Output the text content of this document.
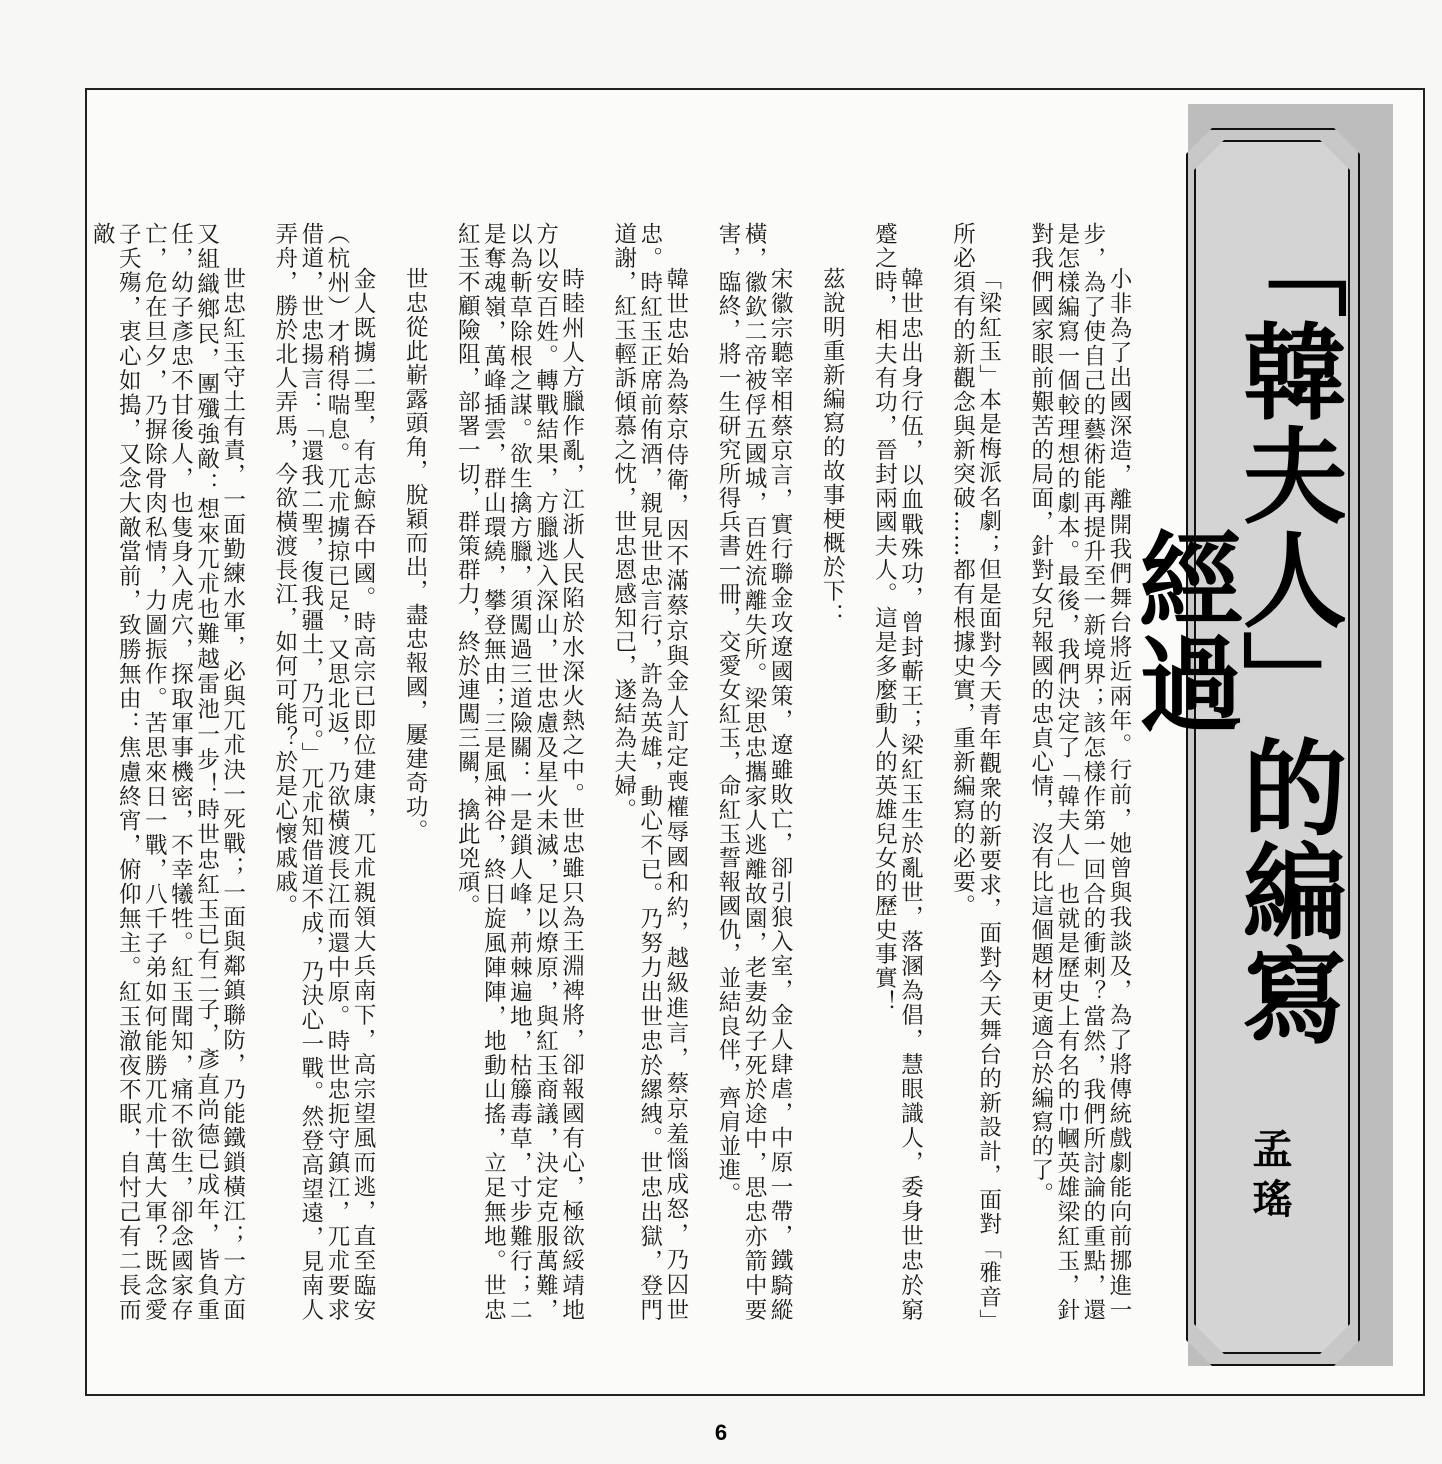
「韓夫人」的編寫經過
孟瑤

小非為了出國深造，離開我們舞台將近兩年。行前，她曾與我談及，為了將傳統戲劇能向前挪進一步，為了使自己的藝術能再提升至一新境界；該怎樣作第一回合的衝刺？當然，我們所討論的重點，還是怎樣編寫一個較理想的劇本。最後，我們決定了「韓夫人」也就是歷史上有名的巾幗英雄梁紅玉，針對我們國家眼前艱苦的局面，針對女兒報國的忠貞心情，沒有比這個題材更適合於編寫的了。

「梁紅玉」本是梅派名劇；但是面對今天青年觀衆的新要求，面對今天舞台的新設計，面對「雅音」所必須有的新觀念與新突破……都有根據史實，重新編寫的必要。

韓世忠出身行伍，以血戰殊功，曾封蘄王；梁紅玉生於亂世，落溷為倡，慧眼識人，委身世忠於窮蹙之時，相夫有功，晉封兩國夫人。這是多麼動人的英雄兒女的歷史事實！

茲說明重新編寫的故事梗概於下：

宋徽宗聽宰相蔡京言，實行聯金攻遼國策，遼雖敗亡，卻引狼入室，金人肆虐，中原一帶，鐵騎縱橫，徽欽二帝被俘五國城，百姓流離失所。梁思忠攜家人逃離故園，老妻幼子死於途中，思忠亦箭中要害，臨終，將一生研究所得兵書一冊，交愛女紅玉，命紅玉誓報國仇，並結良伴，齊肩並進。

韓世忠始為蔡京侍衛，因不滿蔡京與金人訂定喪權辱國和約，越級進言，蔡京羞惱成怒，乃囚世忠。時紅玉正席前侑酒，親見世忠言行，許為英雄，動心不已。乃努力出世忠於縲絏。世忠出獄，登門道謝，紅玉輕訴傾慕之忱，世忠恩感知己，遂結為夫婦。

時睦州人方臘作亂，江浙人民陷於水深火熱之中。世忠雖只為王淵裨將，卻報國有心，極欲綏靖地方以安百姓。轉戰結果，方臘逃入深山，世忠慮及星火未滅，足以燎原，與紅玉商議，決定克服萬難，以為斬草除根之謀。欲生擒方臘，須闖過三道險關：一是鎖人峰，荊棘遍地，枯籐毒草，寸步難行；二是奪魂嶺，萬峰插雲，群山環繞，攀登無由；三是風神谷，終日旋風陣陣，地動山搖，立足無地。世忠紅玉不顧險阻，部署一切，群策群力，終於連闖三關，擒此兇頑。

世忠從此嶄露頭角，脫穎而出，盡忠報國，屢建奇功。

金人既擄二聖，有志鯨吞中國。時高宗已即位建康，兀朮親領大兵南下，高宗望風而逃，直至臨安（杭州）才稍得喘息。兀朮擄掠已足，又思北返，乃欲橫渡長江而還中原。時世忠扼守鎮江，兀朮要求借道，世忠揚言：「還我二聖，復我疆土，乃可。」兀朮知借道不成，乃決心一戰。然登高望遠，見南人弄舟，勝於北人弄馬，今欲橫渡長江，如何可能？於是心懷戚戚。

世忠紅玉守土有責，一面勤練水軍，必與兀朮決一死戰；一面與鄰鎮聯防，乃能鐵鎖橫江；一方面又組織鄉民，團殲強敵：想來兀朮也難越雷池一步！時世忠紅玉已有二子，彥直尚德已成年，皆負重任，幼子彥忠不甘後人，也隻身入虎穴，探取軍事機密，不幸犧牲。紅玉聞知，痛不欲生，卻念國家存亡，危在旦夕，乃摒除骨肉私情，力圖振作。苦思來日一戰，八千子弟如何能勝兀朮十萬大軍？既念愛子夭殤，衷心如搗，又念大敵當前，致勝無由：焦慮終宵，俯仰無主。紅玉澈夜不眠，自忖己有二長而敵

6
